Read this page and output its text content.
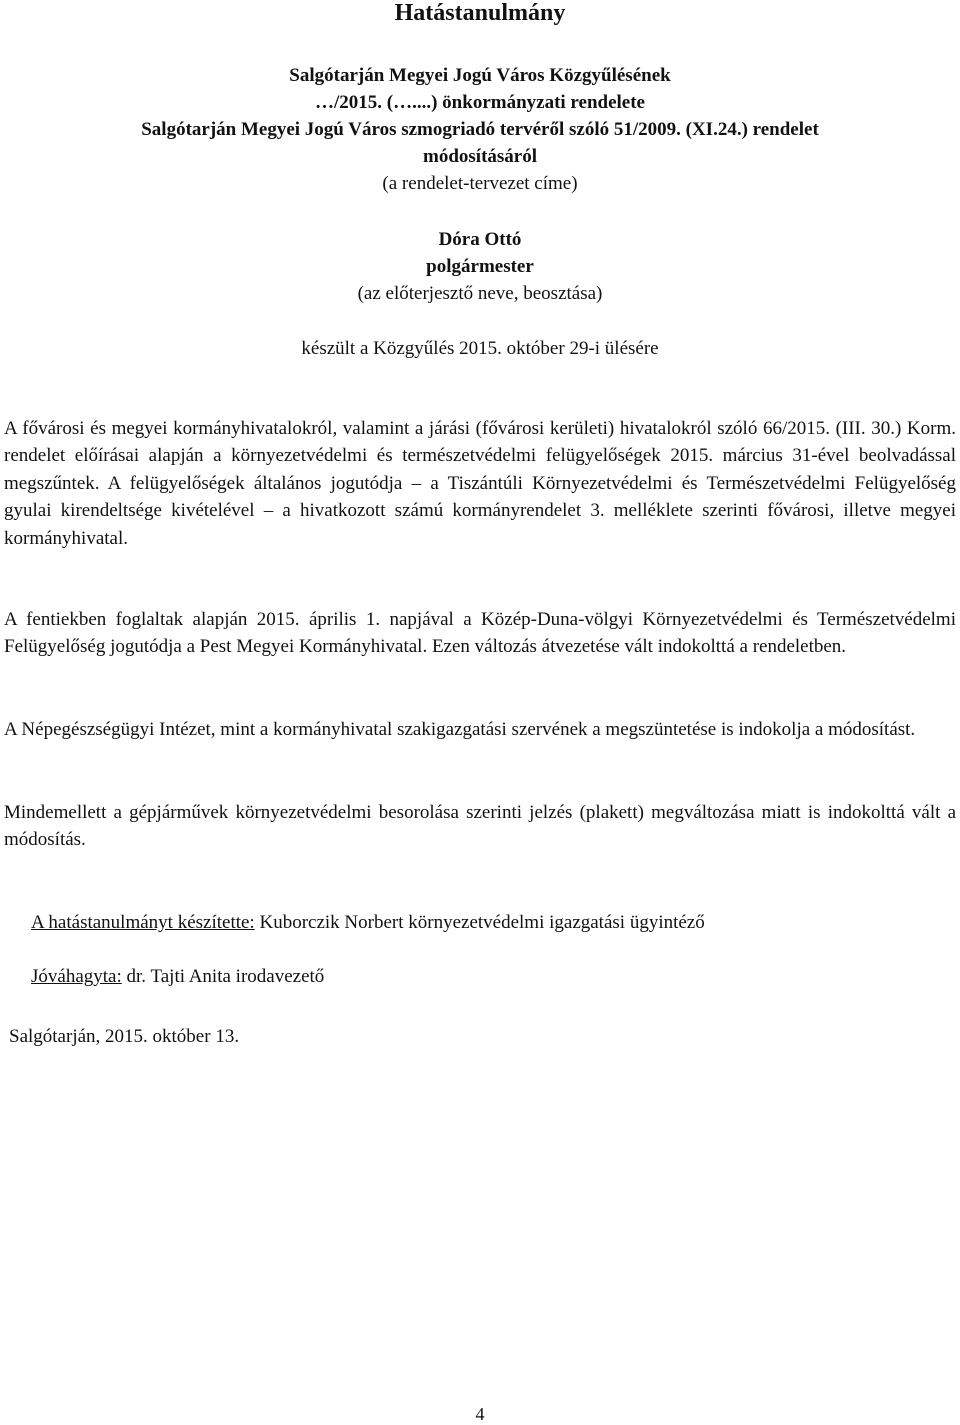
Hatástanulmány
Salgótarján Megyei Jogú Város Közgyűlésének
…/2015. (…....) önkormányzati rendelete
Salgótarján Megyei Jogú Város szmogriadó tervéről szóló 51/2009. (XI.24.) rendelet
módosításáról
(a rendelet-tervezet címe)
Dóra Ottó
polgármester
(az előterjesztő neve, beosztása)
készült a Közgyűlés 2015. október 29-i ülésére

A fővárosi és megyei kormányhivatalokról, valamint a járási (fővárosi kerületi) hivatalokról szóló 66/2015. (III. 30.) Korm. rendelet előírásai alapján a környezetvédelmi és természetvédelmi felügyelőségek 2015. március 31-ével beolvadással megszűntek. A felügyelőségek általános jogutódja – a Tiszántúli Környezetvédelmi és Természetvédelmi Felügyelőség gyulai kirendeltsége kivételével – a hivatkozott számú kormányrendelet 3. melléklete szerinti fővárosi, illetve megyei kormányhivatal.

A fentiekben foglaltak alapján 2015. április 1. napjával a Közép-Duna-völgyi Környezetvédelmi és Természetvédelmi Felügyelőség jogutódja a Pest Megyei Kormányhivatal. Ezen változás átvezetése vált indokolttá a rendeletben.

A Népegészségügyi Intézet, mint a kormányhivatal szakigazgatási szervének a megszüntetése is indokolja a módosítást.

Mindemellett a gépjárművek környezetvédelmi besorolása szerinti jelzés (plakett) megváltozása miatt is indokolttá vált a módosítás.

A hatástanulmányt készítette: Kuborczik Norbert környezetvédelmi igazgatási ügyintéző
Jóváhagyta: dr. Tajti Anita irodavezető
Salgótarján, 2015. október 13.
4
